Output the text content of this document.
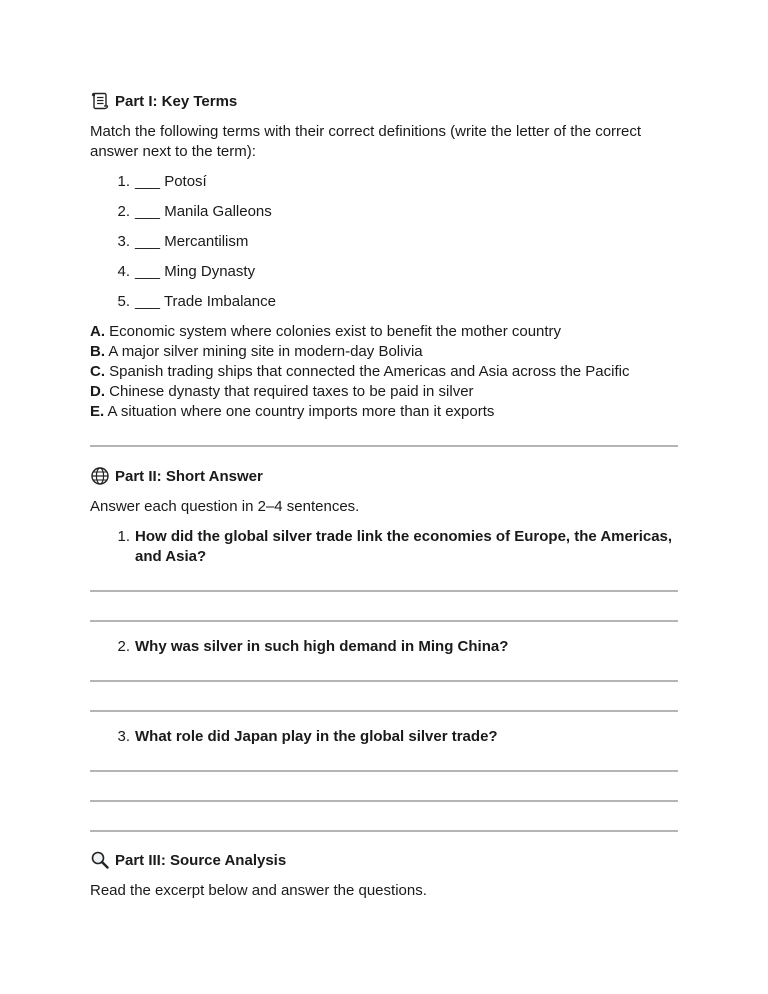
Part I: Key Terms
Match the following terms with their correct definitions (write the letter of the correct answer next to the term):
1. ___ Potosí
2. ___ Manila Galleons
3. ___ Mercantilism
4. ___ Ming Dynasty
5. ___ Trade Imbalance
A. Economic system where colonies exist to benefit the mother country
B. A major silver mining site in modern-day Bolivia
C. Spanish trading ships that connected the Americas and Asia across the Pacific
D. Chinese dynasty that required taxes to be paid in silver
E. A situation where one country imports more than it exports
Part II: Short Answer
Answer each question in 2–4 sentences.
1. How did the global silver trade link the economies of Europe, the Americas, and Asia?
2. Why was silver in such high demand in Ming China?
3. What role did Japan play in the global silver trade?
Part III: Source Analysis
Read the excerpt below and answer the questions.
